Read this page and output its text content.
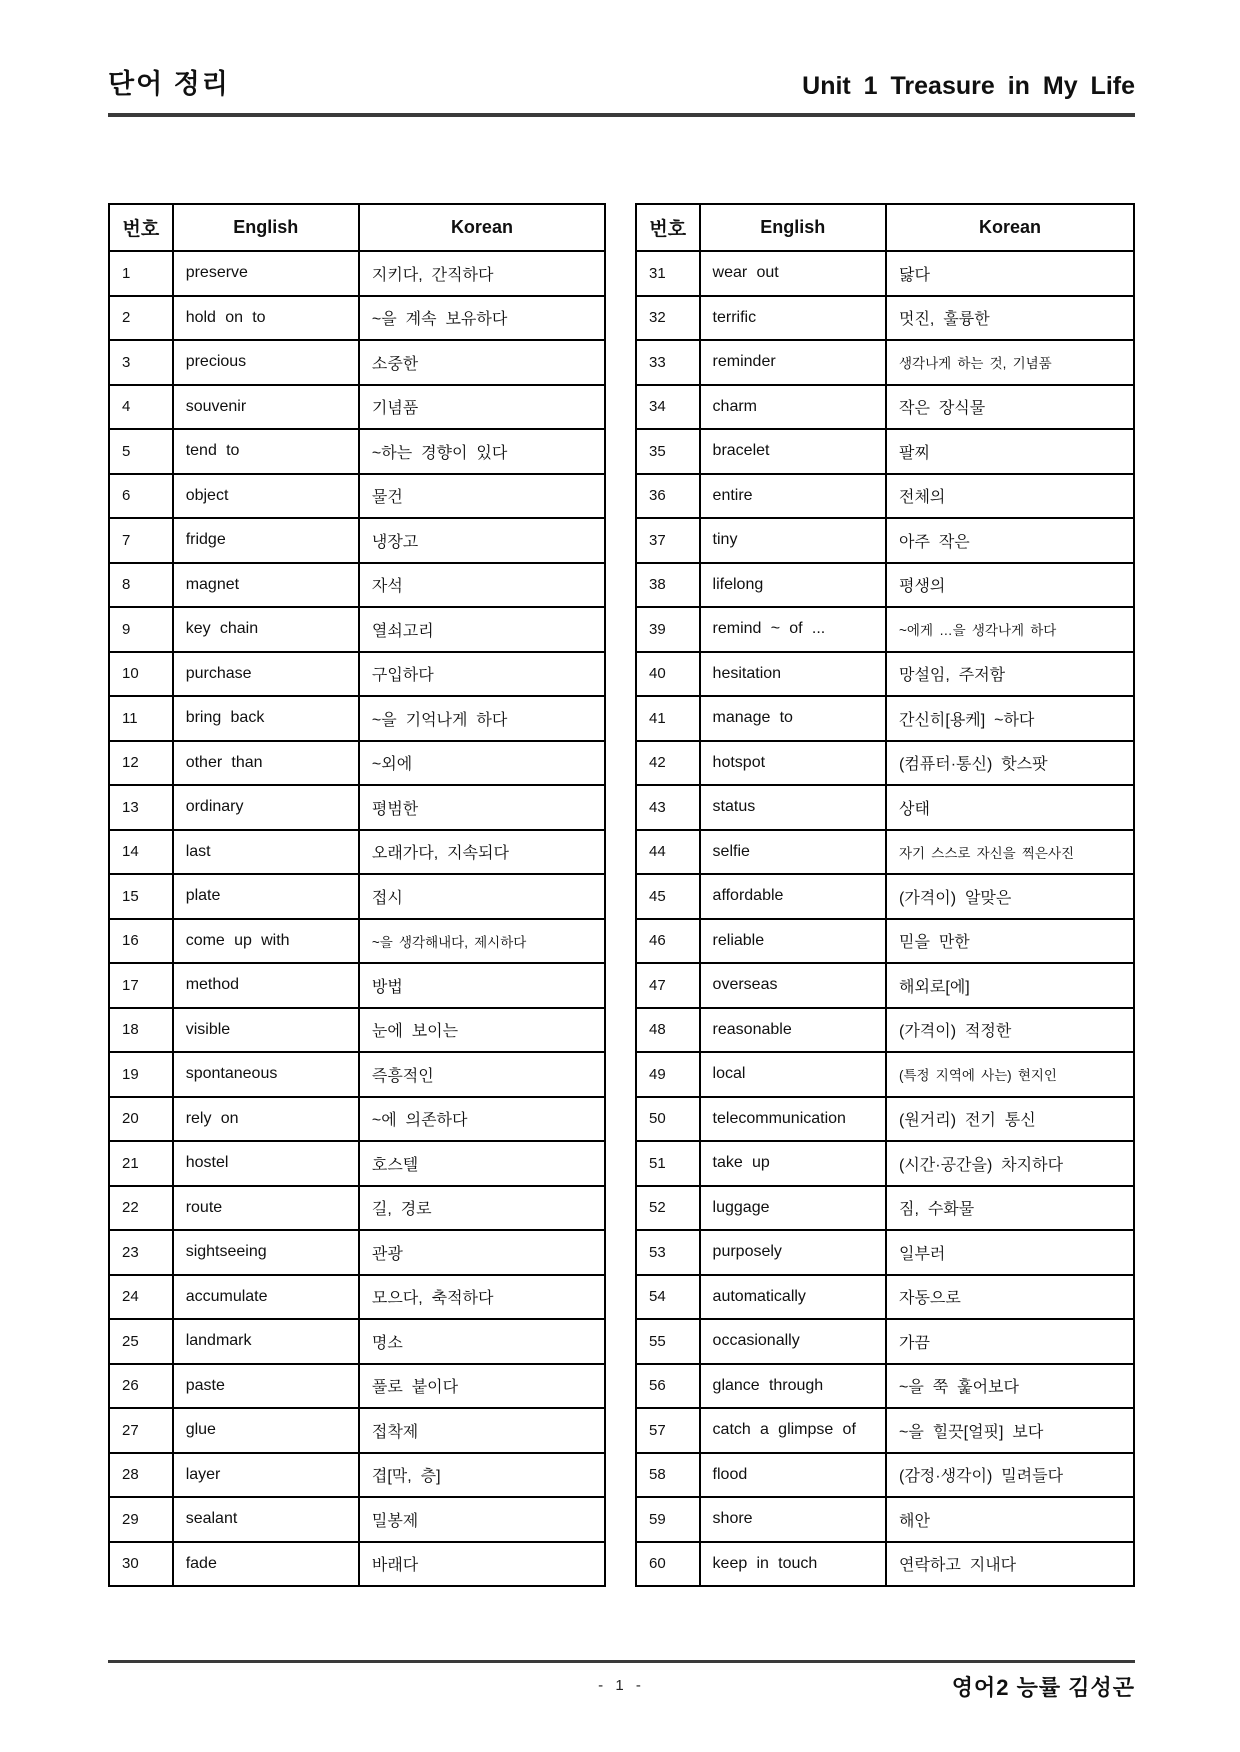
단어 정리	Unit 1 Treasure in My Life
번호	English	Korean
1	preserve	지키다, 간직하다
2	hold on to	~을 계속 보유하다
3	precious	소중한
4	souvenir	기념품
5	tend to	~하는 경향이 있다
6	object	물건
7	fridge	냉장고
8	magnet	자석
9	key chain	열쇠고리
10	purchase	구입하다
11	bring back	~을 기억나게 하다
12	other than	~외에
13	ordinary	평범한
14	last	오래가다, 지속되다
15	plate	접시
16	come up with	~을 생각해내다, 제시하다
17	method	방법
18	visible	눈에 보이는
19	spontaneous	즉흥적인
20	rely on	~에 의존하다
21	hostel	호스텔
22	route	길, 경로
23	sightseeing	관광
24	accumulate	모으다, 축적하다
25	landmark	명소
26	paste	풀로 붙이다
27	glue	접착제
28	layer	겹[막, 층]
29	sealant	밀봉제
30	fade	바래다
번호	English	Korean
31	wear out	닳다
32	terrific	멋진, 훌륭한
33	reminder	생각나게 하는 것, 기념품
34	charm	작은 장식물
35	bracelet	팔찌
36	entire	전체의
37	tiny	아주 작은
38	lifelong	평생의
39	remind ~ of ...	~에게 …을 생각나게 하다
40	hesitation	망설임, 주저함
41	manage to	간신히[용케] ~하다
42	hotspot	(컴퓨터·통신) 핫스팟
43	status	상태
44	selfie	자기 스스로 자신을 찍은사진
45	affordable	(가격이) 알맞은
46	reliable	믿을 만한
47	overseas	해외로[에]
48	reasonable	(가격이) 적정한
49	local	(특정 지역에 사는) 현지인
50	telecommunication	(원거리) 전기 통신
51	take up	(시간·공간을) 차지하다
52	luggage	짐, 수화물
53	purposely	일부러
54	automatically	자동으로
55	occasionally	가끔
56	glance through	~을 쭉 훑어보다
57	catch a glimpse of	~을 힐끗[얼핏] 보다
58	flood	(감정·생각이) 밀려들다
59	shore	해안
60	keep in touch	연락하고 지내다
- 1 -	영어2 능률 김성곤
